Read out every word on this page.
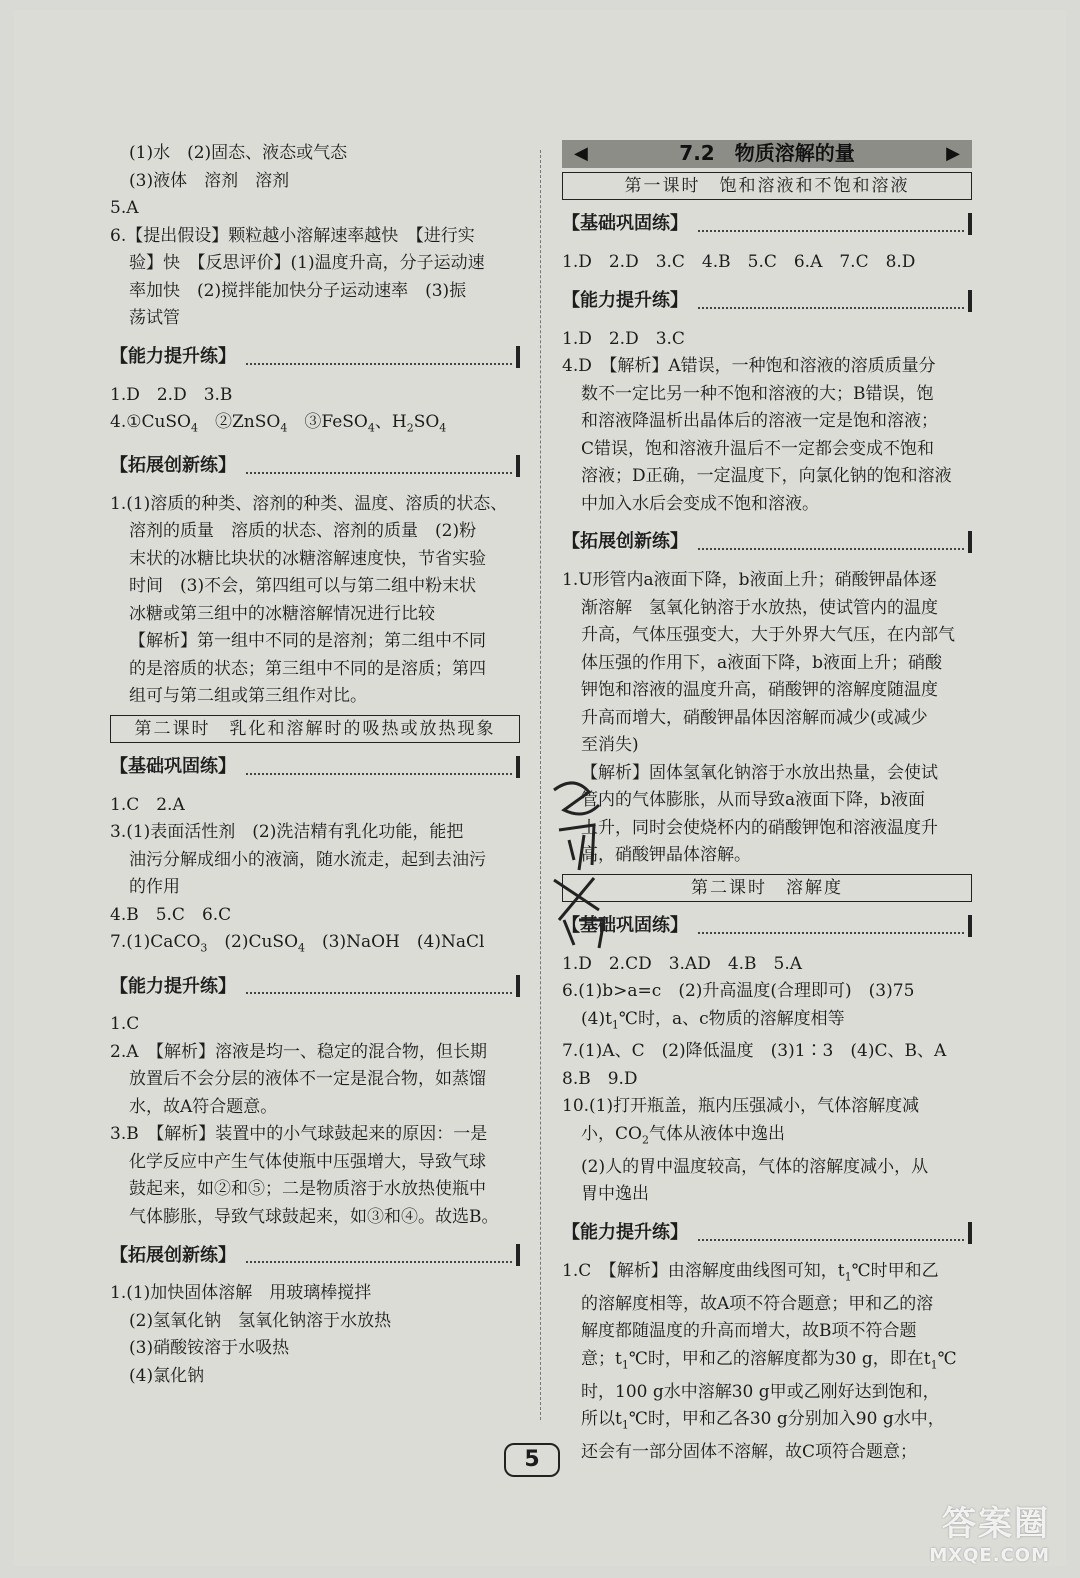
(1)水　(2)固态、液态或气态
(3)液体　溶剂　溶剂
5.A
6.【提出假设】颗粒越小溶解速率越快　【进行实
验】快　【反思评价】(1)温度升高，分子运动速
率加快　(2)搅拌能加快分子运动速率　(3)振
荡试管
【能力提升练】
1.D　2.D　3.B
4.①CuSO$_4$　②ZnSO$_4$　③FeSO$_4$、$H_2SO_4$
【拓展创新练】
1.(1)溶质的种类、溶剂的种类、温度、溶质的状态、
溶剂的质量　溶质的状态、溶剂的质量　(2)粉
末状的冰糖比块状的冰糖溶解速度快，节省实验
时间　(3)不会，第四组可以与第二组中粉末状
冰糖或第三组中的冰糖溶解情况进行比较
【解析】第一组中不同的是溶剂；第二组中不同
的是溶质的状态；第三组中不同的是溶质；第四
组可与第二组或第三组作对比。
第二课时　乳化和溶解时的吸热或放热现象
【基础巩固练】
1.C　2.A
3.(1)表面活性剂　(2)洗洁精有乳化功能，能把
油污分解成细小的液滴，随水流走，起到去油污
的作用
4.B　5.C　6.C
7.(1)CaCO$_3$　(2)CuSO$_4$　(3)NaOH　(4)NaCl
【能力提升练】
1.C
2.A　【解析】溶液是均一、稳定的混合物，但长期
放置后不会分层的液体不一定是混合物，如蒸馏
水，故A符合题意。
3.B　【解析】装置中的小气球鼓起来的原因：一是
化学反应中产生气体使瓶中压强增大，导致气球
鼓起来，如②和⑤；二是物质溶于水放热使瓶中
气体膨胀，导致气球鼓起来，如③和④。故选B。
【拓展创新练】
1.(1)加快固体溶解　用玻璃棒搅拌
(2)氢氧化钠　氢氧化钠溶于水放热
(3)硝酸铵溶于水吸热
(4)氯化钠
◀	7.2　物质溶解的量	▶
第一课时　饱和溶液和不饱和溶液
【基础巩固练】
1.D　2.D　3.C　4.B　5.C　6.A　7.C　8.D
【能力提升练】
1.D　2.D　3.C
4.D　【解析】A错误，一种饱和溶液的溶质质量分
数不一定比另一种不饱和溶液的大；B错误，饱
和溶液降温析出晶体后的溶液一定是饱和溶液；
C错误，饱和溶液升温后不一定都会变成不饱和
溶液；D正确，一定温度下，向氯化钠的饱和溶液
中加入水后会变成不饱和溶液。
【拓展创新练】
1.U形管内a液面下降，b液面上升；硝酸钾晶体逐
渐溶解　氢氧化钠溶于水放热，使试管内的温度
升高，气体压强变大，大于外界大气压，在内部气
体压强的作用下，a液面下降，b液面上升；硝酸
钾饱和溶液的温度升高，硝酸钾的溶解度随温度
升高而增大，硝酸钾晶体因溶解而减少(或减少
至消失)
【解析】固体氢氧化钠溶于水放出热量，会使试
管内的气体膨胀，从而导致a液面下降，b液面
上升，同时会使烧杯内的硝酸钾饱和溶液温度升
高，硝酸钾晶体溶解。
第二课时　溶解度
【基础巩固练】
1.D　2.CD　3.AD　4.B　5.A
6.(1)b>a=c　(2)升高温度(合理即可)　(3)75
$(4)t_1℃$时，a、c物质的溶解度相等
7.(1)A、C　(2)降低温度　(3)1∶3　(4)C、B、A
8.B　9.D
10.(1)打开瓶盖，瓶内压强减小，气体溶解度减
小，$CO_2$气体从液体中逸出
(2)人的胃中温度较高，气体的溶解度减小，从
胃中逸出
【能力提升练】
1.C　【解析】由溶解度曲线图可知，$t_1℃$时甲和乙
的溶解度相等，故A项不符合题意；甲和乙的溶
解度都随温度的升高而增大，故B项不符合题
意；$t_1℃$时，甲和乙的溶解度都为30 g，即在$t_1℃$
时，100 g水中溶解30 g甲或乙刚好达到饱和，
所以$t_1℃$时，甲和乙各30 g分别加入90 g水中，
还会有一部分固体不溶解，故C项符合题意；
5
答案圈
MXQE.COM
